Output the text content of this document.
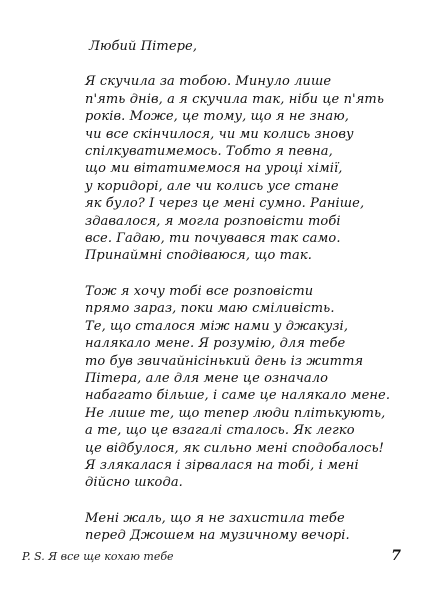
Любий Пітере,
Я скучила за тобою. Минуло лише
п'ять днів, а я скучила так, ніби це п'ять
років. Може, це тому, що я не знаю,
чи все скінчилося, чи ми колись знову
спілкуватимемось. Тобто я певна,
що ми вітатимемося на уроці хімії,
у коридорі, але чи колись усе стане
як було? І через це мені сумно. Раніше,
здавалося, я могла розповісти тобі
все. Гадаю, ти почувався так само.
Принаймні сподіваюся, що так.
Тож я хочу тобі все розповісти
прямо зараз, поки маю сміливість.
Те, що сталося між нами у джакузі,
налякало мене. Я розумію, для тебе
то був звичайнісінький день із життя
Пітера, але для мене це означало
набагато більше, і саме це налякало мене.
Не лише те, що тепер люди плітькують,
а те, що це взагалі сталось. Як легко
це відбулося, як сильно мені сподобалось!
Я злякалася і зірвалася на тобі, і мені
дійсно шкода.
Мені жаль, що я не захистила тебе
перед Джошем на музичному вечорі.
P. S. Я все ще кохаю тебе	7
